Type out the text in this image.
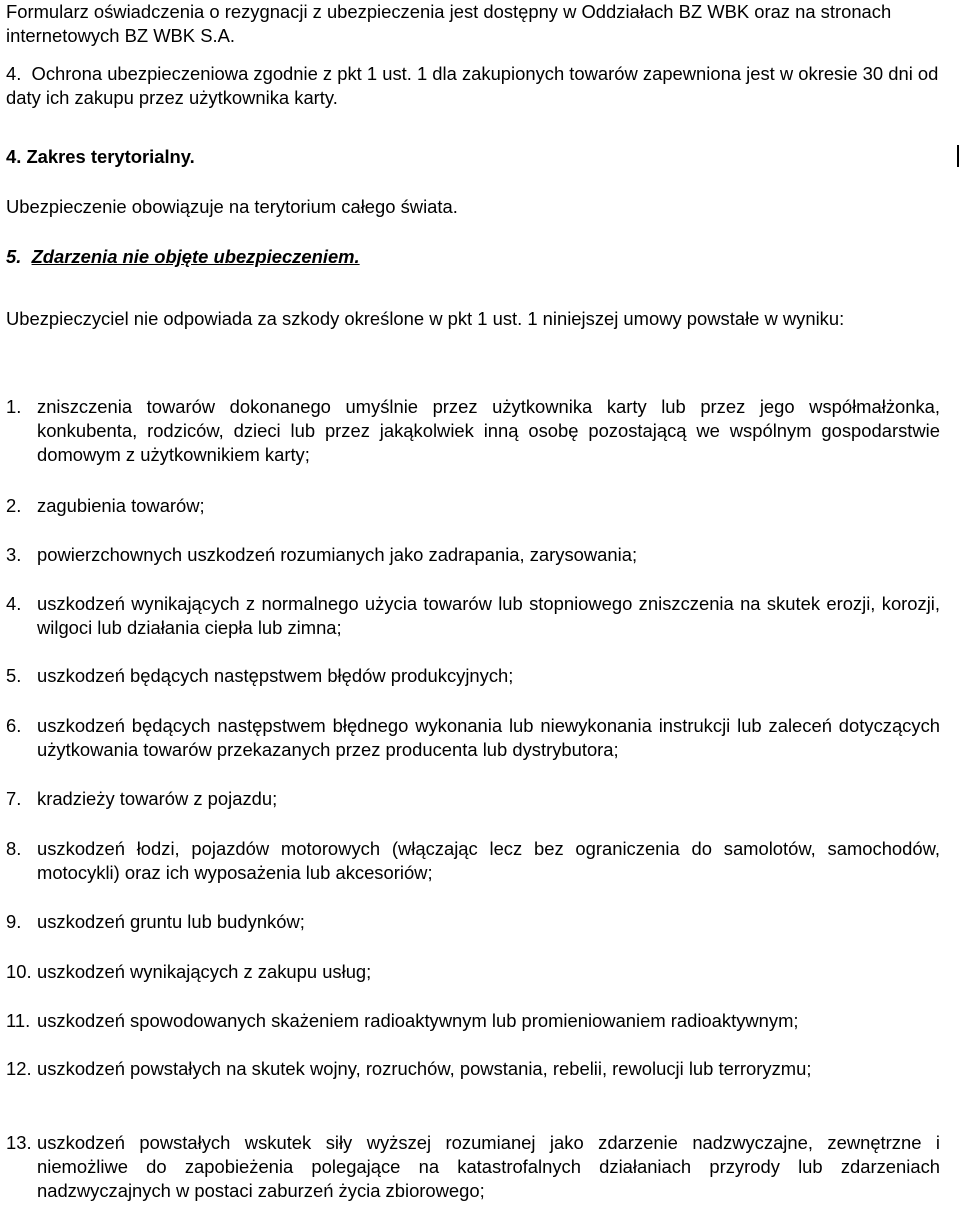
Formularz oświadczenia o rezygnacji z ubezpieczenia jest dostępny w Oddziałach BZ WBK oraz na stronach internetowych BZ WBK S.A.

4.  Ochrona ubezpieczeniowa zgodnie z pkt 1 ust. 1 dla zakupionych towarów zapewniona jest w okresie 30 dni od daty ich zakupu przez użytkownika karty.

4. Zakres terytorialny.

Ubezpieczenie obowiązuje na terytorium całego świata.

5. Zdarzenia nie objęte ubezpieczeniem.

Ubezpieczyciel nie odpowiada za szkody określone w pkt 1 ust. 1 niniejszej umowy powstałe w wyniku:

1. zniszczenia towarów dokonanego umyślnie przez użytkownika karty lub przez jego współmałżonka, konkubenta, rodziców, dzieci lub przez jakąkolwiek inną osobę pozostającą we wspólnym gospodarstwie domowym z użytkownikiem karty;
2. zagubienia towarów;
3. powierzchownych uszkodzeń rozumianych jako zadrapania, zarysowania;
4. uszkodzeń wynikających z normalnego użycia towarów lub stopniowego zniszczenia na skutek erozji, korozji, wilgoci lub działania ciepła lub zimna;
5. uszkodzeń będących następstwem błędów produkcyjnych;
6. uszkodzeń będących następstwem błędnego wykonania lub niewykonania instrukcji lub zaleceń dotyczących użytkowania towarów przekazanych przez producenta lub dystrybutora;
7. kradzieży towarów z pojazdu;
8. uszkodzeń łodzi, pojazdów motorowych (włączając lecz bez ograniczenia do samolotów, samochodów, motocykli) oraz ich wyposażenia lub akcesoriów;
9. uszkodzeń gruntu lub budynków;
10. uszkodzeń wynikających z zakupu usług;
11. uszkodzeń spowodowanych skażeniem radioaktywnym lub promieniowaniem radioaktywnym;
12. uszkodzeń powstałych na skutek wojny, rozruchów, powstania, rebelii, rewolucji lub terroryzmu;
13. uszkodzeń powstałych wskutek siły wyższej rozumianej jako zdarzenie nadzwyczajne, zewnętrzne i niemożliwe do zapobieżenia polegające na katastrofalnych działaniach przyrody lub zdarzeniach nadzwyczajnych w postaci zaburzeń życia zbiorowego;
